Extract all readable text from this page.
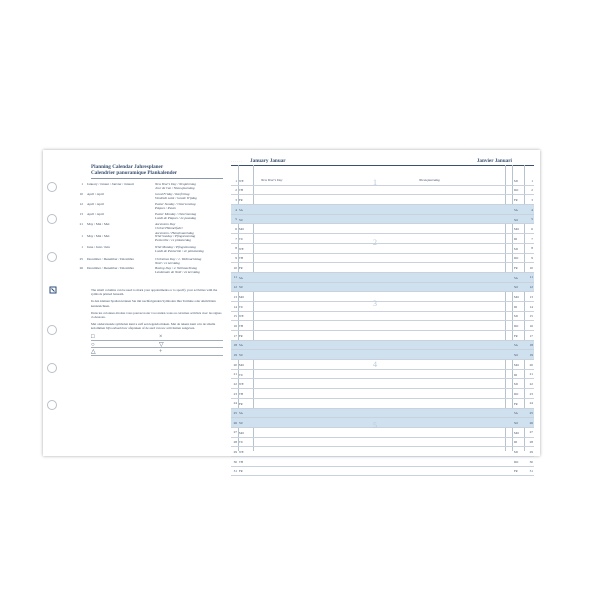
Planning Calendar Jahresplaner
Calendrier panoramique Plankalender
1 January / Januar / Janvier / Januari	New Year's Day / Neujahrstag
Jour de l'an / Nieuwjaarsdag
10 April / April	Good Friday / Karfreitag
Vendredi saint / Goede Vrijdag
12 April / April	Easter Sunday / Ostersonntag
Pâques / Pasen
13 April / April	Easter Monday / Ostermontag
Lundi de Pâques / 2e paasdag
21 May / Mai / Mei	Ascension Day
Christi Himmelfahrt
Ascension / Hemelvaartsdag
1 May / Mai / Mei	Whit Sunday / Pfingstsonntag
Pentecôte / 1e pinksterdag
1 June / Juni / Juin	Whit Monday / Pfingstmontag
Lundi de Pentecôte / 2e pinksterdag
25 December / Dezember / Décembre	Christmas Day / 1. Weihnachtstag
Noël / 1e kerstdag
26 December / Dezember / Décembre	Boxing Day / 2. Weihnachtstag
Lendemain de Noël / 2e kerstdag

The small columns can be used to mark your appointments or to specify your activities with the symbols printed beneath.

In den kleinen Spalten können Sie mit nachfolgenden Symbolen Ihre Termine oder Aktivitäten kennzeichnen.

Dans les colonnes étroites vous pouvez noter vos rendez-vous ou certaines activités avec les signes ci-dessous.

Met onderstaande symbolen kunt u zelf een legenda maken. Met de tekens kunt u in de smalle kolommen bijvoorbeeld uw afspraken of de aard van uw activiteiten aangeven.

□	×
○	▽
△	+
. . . . . . January Januar	Janvier Januari
1 WE	New Year's Day	Nieuwjaarsdag	MI	1
2 TH	DO	2
3 FR	FR	3
4 SA	SA	4
5 SU	SO	5
6 MO	MO	6
7 TU	DI	7
8 WE	MI	8
9 TH	DO	9
10 FR	FR	10
11 SA	SA	11
12 SU	SO	12
13 MO	MO	13
14 TU	DI	14
15 WE	MI	15
16 TH	DO	16
17 FR	FR	17
18 SA	SA	18
19 SU	SO	19
20 MO	MO	20
21 TU	DI	21
22 WE	MI	22
23 TH	DO	23
24 FR	FR	24
25 SA	SA	25
26 SU	SO	26
27 MO	MO	27
28 TU	DI	28
29 WE	MI	29
30 TH	DO	30
31 FR	FR	31
1
2
3
4
5
